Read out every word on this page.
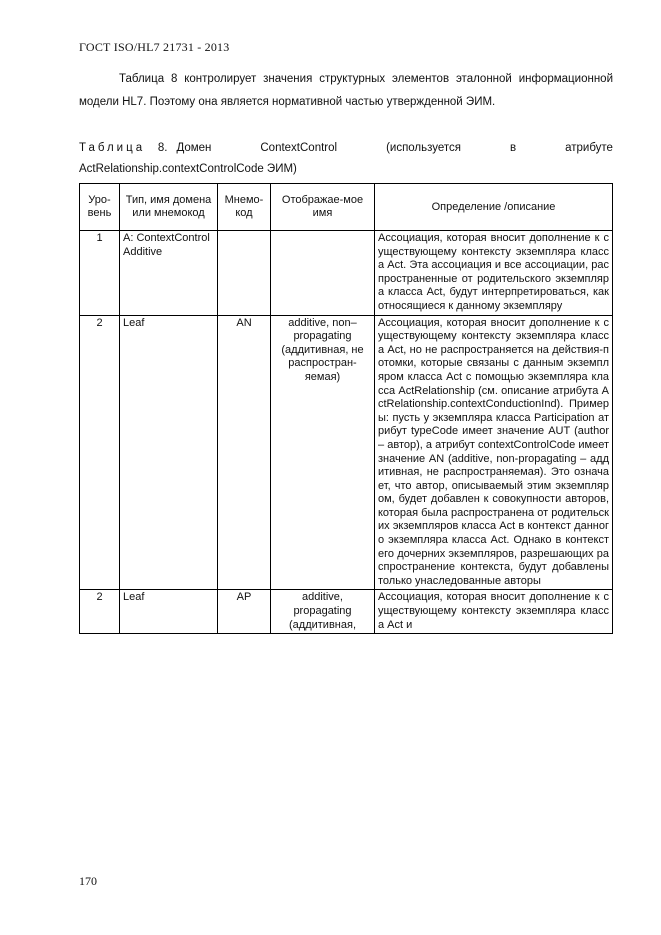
ГОСТ ISO/HL7 21731 - 2013

Таблица 8 контролирует значения структурных элементов эталонной информационной модели HL7. Поэтому она является нормативной частью утвержденной ЭИМ.

Таблица 8. Домен	ContextControl	(используется	в	атрибуте
ActRelationship.contextControlCode ЭИМ)
Уро-вень	Тип, имя домена или мнемокод	Мнемо-код	Отображае-мое имя	Определение /описание
1	A: ContextControl Additive			Ассоциация, которая вносит дополнение к существующему контексту экземпляра класса Act. Эта ассоциация и все ассоциации, распространенные от родительского экземпляра класса Act, будут интерпретироваться, как относящиеся к данному экземпляру
2	Leaf	AN	additive, non–propagating (аддитивная, не распростран-яемая)	Ассоциация, которая вносит дополнение к существующему контексту экземпляра класса Act, но не распространяется на действия-потомки, которые связаны с данным экземпляром класса Act с помощью экземпляра класса ActRelationship (см. описание атрибута ActRelationship.contextConductionInd). Примеры: пусть у экземпляра класса Participation атрибут typeCode имеет значение AUT (author – автор), а атрибут contextControlCode имеет значение AN (additive, non-propagating – аддитивная, не распространяемая). Это означает, что автор, описываемый этим экземпляром, будет добавлен к совокупности авторов, которая была распространена от родительских экземпляров класса Act в контекст данного экземпляра класса Act. Однако в контекст его дочерних экземпляров, разрешающих распространение контекста, будут добавлены только унаследованные авторы
2	Leaf	AP	additive, propagating (аддитивная,	Ассоциация, которая вносит дополнение к существующему контексту экземпляра класса Act и
170
